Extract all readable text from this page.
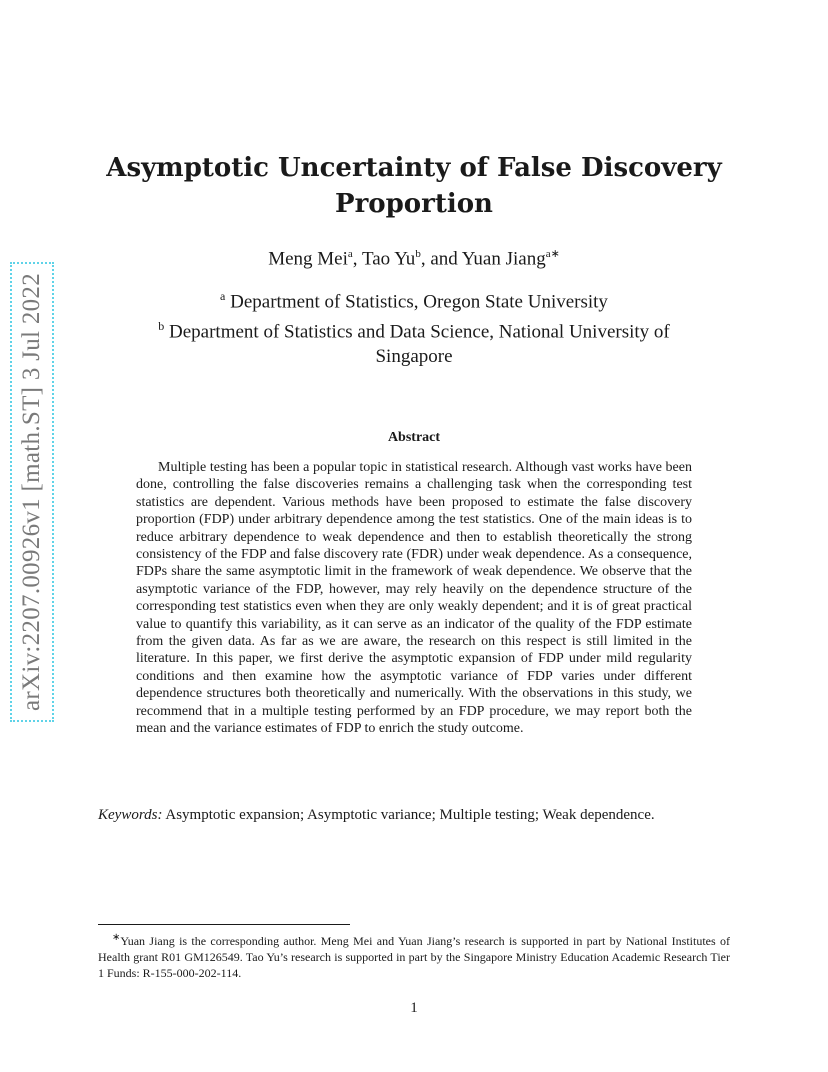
arXiv:2207.00926v1 [math.ST] 3 Jul 2022
Asymptotic Uncertainty of False Discovery
Proportion
Meng Mei$^a$, Tao Yu$^b$, and Yuan Jiang$^{a∗}$
$^a$ Department of Statistics, Oregon State University
$^b$ Department of Statistics and Data Science, National University of Singapore
Abstract

Multiple testing has been a popular topic in statistical research. Although vast works have been done, controlling the false discoveries remains a challenging task when the corresponding test statistics are dependent. Various methods have been proposed to estimate the false discovery proportion (FDP) under arbitrary dependence among the test statistics. One of the main ideas is to reduce arbitrary dependence to weak dependence and then to establish theoretically the strong consistency of the FDP and false discovery rate (FDR) under weak dependence. As a consequence, FDPs share the same asymptotic limit in the framework of weak dependence. We observe that the asymptotic variance of the FDP, however, may rely heavily on the dependence structure of the corresponding test statistics even when they are only weakly dependent; and it is of great practical value to quantify this variability, as it can serve as an indicator of the quality of the FDP estimate from the given data. As far as we are aware, the research on this respect is still limited in the literature. In this paper, we first derive the asymptotic expansion of FDP under mild regularity conditions and then examine how the asymptotic variance of FDP varies under different dependence structures both theoretically and numerically. With the observations in this study, we recommend that in a multiple testing performed by an FDP procedure, we may report both the mean and the variance estimates of FDP to enrich the study outcome.

Keywords: Asymptotic expansion; Asymptotic variance; Multiple testing; Weak dependence.

∗Yuan Jiang is the corresponding author. Meng Mei and Yuan Jiang’s research is supported in part by National Institutes of Health grant R01 GM126549. Tao Yu’s research is supported in part by the Singapore Ministry Education Academic Research Tier 1 Funds: R-155-000-202-114.

1
